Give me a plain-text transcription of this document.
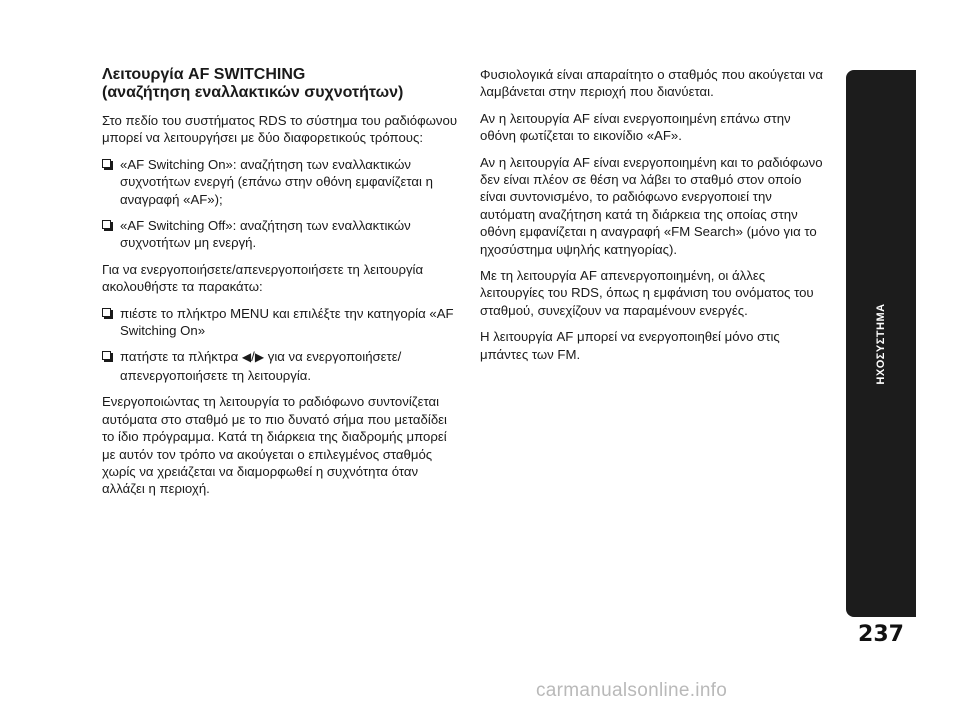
Λειτουργία AF SWITCHING
(αναζήτηση εναλλακτικών συχνοτήτων)

Στο πεδίο του συστήματος RDS το σύστημα του ραδιόφωνου μπορεί να λειτουργήσει με δύο διαφορετικούς τρόπους:

«AF Switching On»: αναζήτηση των εναλλακτικών συχνοτήτων ενεργή (επάνω στην οθόνη εμφανίζεται η αναγραφή «AF»);
«AF Switching Off»: αναζήτηση των εναλλακτικών συχνοτήτων μη ενεργή.

Για να ενεργοποιήσετε/απενεργοποιήσετε τη λειτουργία ακολουθήστε τα παρακάτω:

πιέστε το πλήκτρο MENU και επιλέξτε την κατηγορία «AF Switching On»
πατήστε τα πλήκτρα ◀/▶ για να ενεργοποιήσετε/απενεργοποιήσετε τη λειτουργία.

Ενεργοποιώντας τη λειτουργία το ραδιόφωνο συντονίζεται αυτόματα στο σταθμό με το πιο δυνατό σήμα που μεταδίδει το ίδιο πρόγραμμα. Κατά τη διάρκεια της διαδρομής μπορεί με αυτόν τον τρόπο να ακούγεται ο επιλεγμένος σταθμός χωρίς να χρειάζεται να διαμορφωθεί η συχνότητα όταν αλλάζει η περιοχή.

Φυσιολογικά είναι απαραίτητο ο σταθμός που ακούγεται να λαμβάνεται στην περιοχή που διανύεται.

Αν η λειτουργία AF είναι ενεργοποιημένη επάνω στην οθόνη φωτίζεται το εικονίδιο «AF».

Αν η λειτουργία AF είναι ενεργοποιημένη και το ραδιόφωνο δεν είναι πλέον σε θέση να λάβει το σταθμό στον οποίο είναι συντονισμένο, το ραδιόφωνο ενεργοποιεί την αυτόματη αναζήτηση κατά τη διάρκεια της οποίας στην οθόνη εμφανίζεται η αναγραφή «FM Search» (μόνο για το ηχοσύστημα υψηλής κατηγορίας).

Με τη λειτουργία AF απενεργοποιημένη, οι άλλες λειτουργίες του RDS, όπως η εμφάνιση του ονόματος του σταθμού, συνεχίζουν να παραμένουν ενεργές.

Η λειτουργία AF μπορεί να ενεργοποιηθεί μόνο στις μπάντες των FM.	ΗΧΟΣΥΣΤΗΜΑ
237
carmanualsonline.info
